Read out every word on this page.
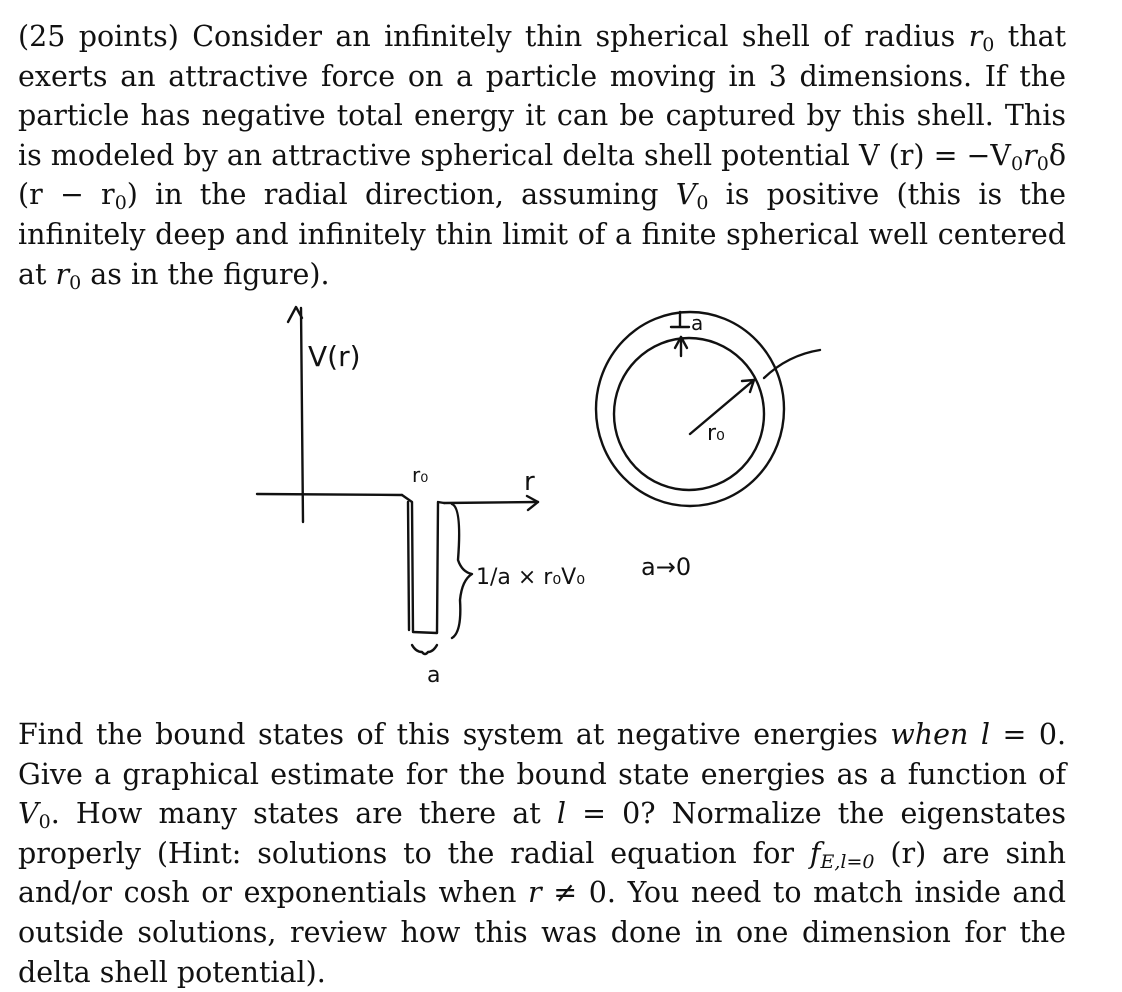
(25 points) Consider an infinitely thin spherical shell of radius $r_0$ that exerts an attractive force on a particle moving in 3 dimensions. If the particle has negative total energy it can be captured by this shell. This is modeled by an attractive spherical delta shell potential V $(r) = -V_0r_0\delta$ $(r - r_0)$ in the radial direction, assuming $V_0$ is positive (this is the infinitely deep and infinitely thin limit of a finite spherical well centered at $r_0$ as in the figure).
V(r)
r
r₀
a
1/a × r₀V₀
a
r₀
a→0
Find the bound states of this system at negative energies when l = 0. Give a graphical estimate for the bound state energies as a function of $V_0$. How many states are there at l = 0? Normalize the eigenstates properly (Hint: solutions to the radial equation for $f_{E,l=0}$ (r) are sinh and/or cosh or exponentials when r ≠ 0. You need to match inside and outside solutions, review how this was done in one dimension for the delta shell potential).
